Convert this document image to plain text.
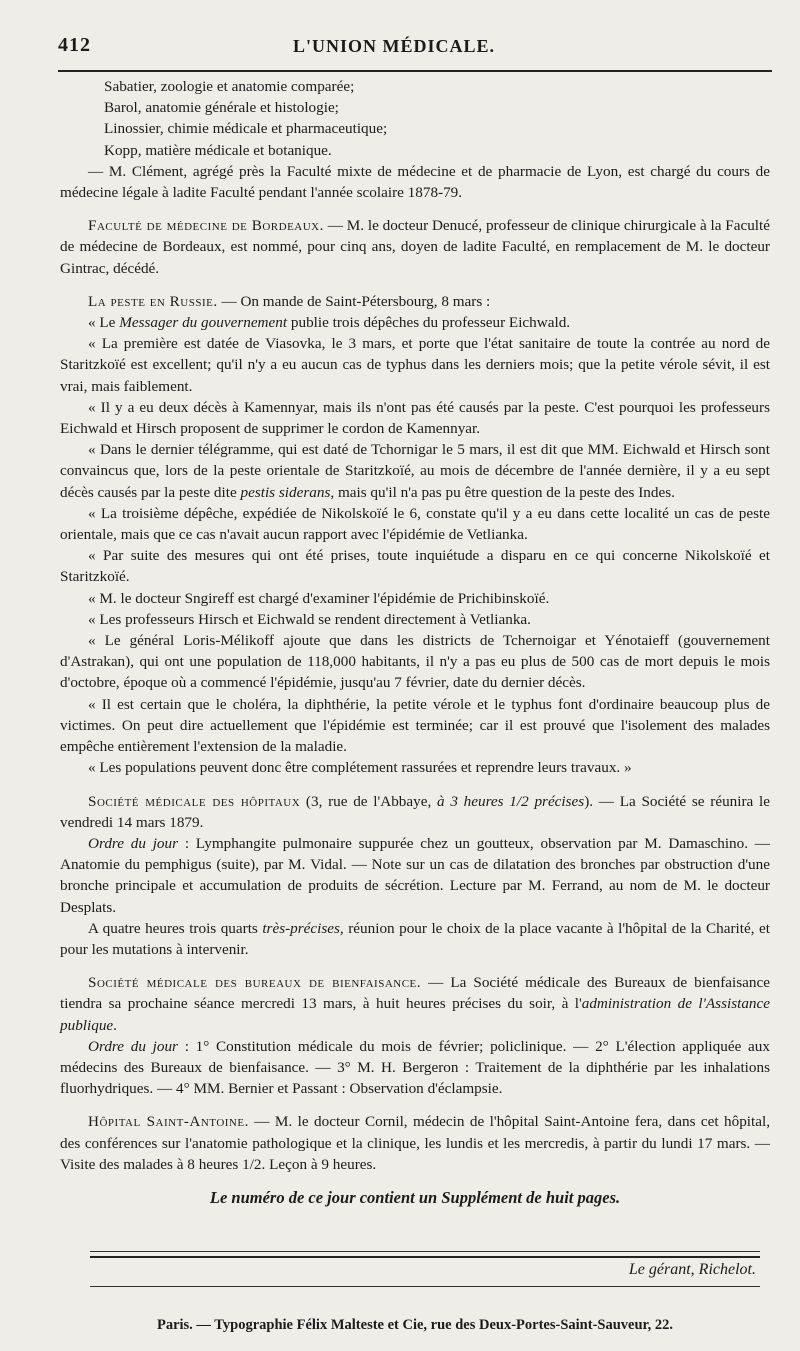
412	L'UNION MÉDICALE.

Sabatier, zoologie et anatomie comparée;

Barol, anatomie générale et histologie;

Linossier, chimie médicale et pharmaceutique;

Kopp, matière médicale et botanique.

— M. Clément, agrégé près la Faculté mixte de médecine et de pharmacie de Lyon, est chargé du cours de médecine légale à ladite Faculté pendant l'année scolaire 1878-79.

Faculté de médecine de Bordeaux. — M. le docteur Denucé, professeur de clinique chirurgicale à la Faculté de médecine de Bordeaux, est nommé, pour cinq ans, doyen de ladite Faculté, en remplacement de M. le docteur Gintrac, décédé.

La peste en Russie. — On mande de Saint-Pétersbourg, 8 mars :

« Le Messager du gouvernement publie trois dépêches du professeur Eichwald.

« La première est datée de Viasovka, le 3 mars, et porte que l'état sanitaire de toute la contrée au nord de Staritzkoïé est excellent; qu'il n'y a eu aucun cas de typhus dans les derniers mois; que la petite vérole sévit, il est vrai, mais faiblement.

« Il y a eu deux décès à Kamennyar, mais ils n'ont pas été causés par la peste. C'est pourquoi les professeurs Eichwald et Hirsch proposent de supprimer le cordon de Kamennyar.

« Dans le dernier télégramme, qui est daté de Tchornigar le 5 mars, il est dit que MM. Eichwald et Hirsch sont convaincus que, lors de la peste orientale de Staritzkoïé, au mois de décembre de l'année dernière, il y a eu sept décès causés par la peste dite pestis siderans, mais qu'il n'a pas pu être question de la peste des Indes.

« La troisième dépêche, expédiée de Nikolskoïé le 6, constate qu'il y a eu dans cette localité un cas de peste orientale, mais que ce cas n'avait aucun rapport avec l'épidémie de Vetlianka.

« Par suite des mesures qui ont été prises, toute inquiétude a disparu en ce qui concerne Nikolskoïé et Staritzkoïé.

« M. le docteur Sngireff est chargé d'examiner l'épidémie de Prichibinskoïé.

« Les professeurs Hirsch et Eichwald se rendent directement à Vetlianka.

« Le général Loris-Mélikoff ajoute que dans les districts de Tchernoigar et Yénotaieff (gouvernement d'Astrakan), qui ont une population de 118,000 habitants, il n'y a pas eu plus de 500 cas de mort depuis le mois d'octobre, époque où a commencé l'épidémie, jusqu'au 7 février, date du dernier décès.

« Il est certain que le choléra, la diphthérie, la petite vérole et le typhus font d'ordinaire beaucoup plus de victimes. On peut dire actuellement que l'épidémie est terminée; car il est prouvé que l'isolement des malades empêche entièrement l'extension de la maladie.

« Les populations peuvent donc être complétement rassurées et reprendre leurs travaux. »

Société médicale des hôpitaux (3, rue de l'Abbaye, à 3 heures 1/2 précises). — La Société se réunira le vendredi 14 mars 1879.

Ordre du jour : Lymphangite pulmonaire suppurée chez un goutteux, observation par M. Damaschino. — Anatomie du pemphigus (suite), par M. Vidal. — Note sur un cas de dilatation des bronches par obstruction d'une bronche principale et accumulation de produits de sécrétion. Lecture par M. Ferrand, au nom de M. le docteur Desplats.

A quatre heures trois quarts très-précises, réunion pour le choix de la place vacante à l'hôpital de la Charité, et pour les mutations à intervenir.

Société médicale des bureaux de bienfaisance. — La Société médicale des Bureaux de bienfaisance tiendra sa prochaine séance mercredi 13 mars, à huit heures précises du soir, à l'administration de l'Assistance publique.

Ordre du jour : 1° Constitution médicale du mois de février; policlinique. — 2° L'élection appliquée aux médecins des Bureaux de bienfaisance. — 3° M. H. Bergeron : Traitement de la diphthérie par les inhalations fluorhydriques. — 4° MM. Bernier et Passant : Observation d'éclampsie.

Hôpital Saint-Antoine. — M. le docteur Cornil, médecin de l'hôpital Saint-Antoine fera, dans cet hôpital, des conférences sur l'anatomie pathologique et la clinique, les lundis et les mercredis, à partir du lundi 17 mars. — Visite des malades à 8 heures 1/2. Leçon à 9 heures.

Le numéro de ce jour contient un Supplément de huit pages.
Le gérant, Richelot.
Paris. — Typographie Félix Malteste et Cie, rue des Deux-Portes-Saint-Sauveur, 22.
